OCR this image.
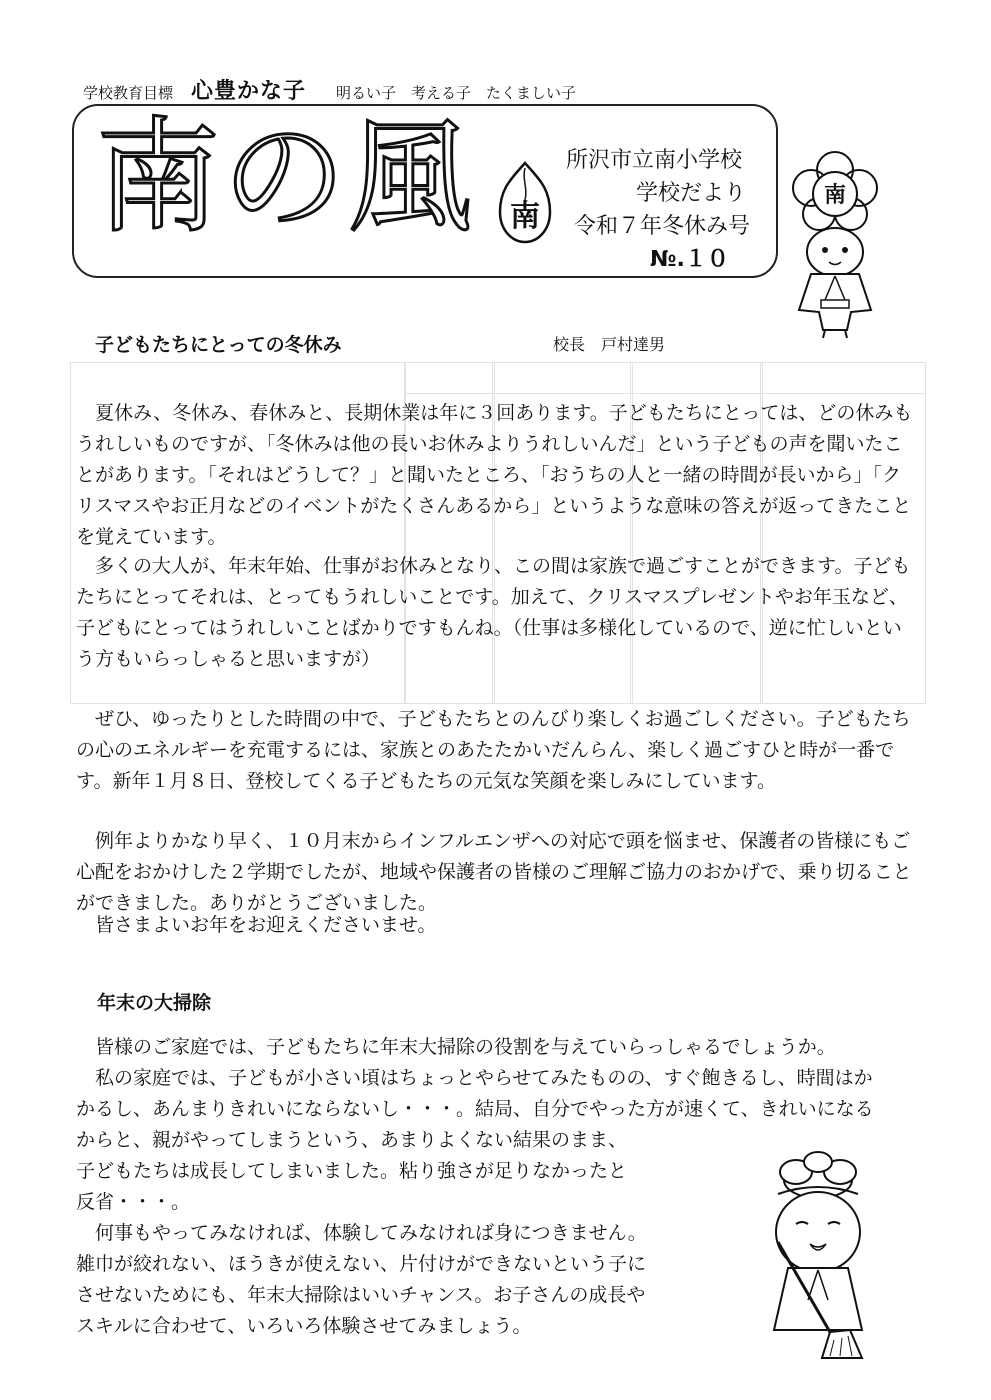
学校教育目標 心豊かな子 明るい子　考える子　たくましい子
南の風 南
所沢市立南小学校
学校だより
令和７年冬休み号
№.１０
南
子どもたちにとっての冬休み	校長 戸村達男

夏休み、冬休み、春休みと、長期休業は年に３回あります。子どもたちにとっては、どの休みもうれしいものですが、「冬休みは他の長いお休みよりうれしいんだ」という子どもの声を聞いたことがあります。「それはどうして？」と聞いたところ、「おうちの人と一緒の時間が長いから」「クリスマスやお正月などのイベントがたくさんあるから」というような意味の答えが返ってきたことを覚えています。

多くの大人が、年末年始、仕事がお休みとなり、この間は家族で過ごすことができます。子どもたちにとってそれは、とってもうれしいことです。加えて、クリスマスプレゼントやお年玉など、子どもにとってはうれしいことばかりですもんね。（仕事は多様化しているので、逆に忙しいという方もいらっしゃると思いますが）

ぜひ、ゆったりとした時間の中で、子どもたちとのんびり楽しくお過ごしください。子どもたちの心のエネルギーを充電するには、家族とのあたたかいだんらん、楽しく過ごすひと時が一番です。新年１月８日、登校してくる子どもたちの元気な笑顔を楽しみにしています。

例年よりかなり早く、１０月末からインフルエンザへの対応で頭を悩ませ、保護者の皆様にもご心配をおかけした２学期でしたが、地域や保護者の皆様のご理解ご協力のおかげで、乗り切ることができました。ありがとうございました。

皆さまよいお年をお迎えくださいませ。

年末の大掃除

皆様のご家庭では、子どもたちに年末大掃除の役割を与えていらっしゃるでしょうか。

私の家庭では、子どもが小さい頃はちょっとやらせてみたものの、すぐ飽きるし、時間はか

かるし、あんまりきれいにならないし・・・。結局、自分でやった方が速くて、きれいになる

からと、親がやってしまうという、あまりよくない結果のまま、

子どもたちは成長してしまいました。粘り強さが足りなかったと

反省・・・。

何事もやってみなければ、体験してみなければ身につきません。

雑巾が絞れない、ほうきが使えない、片付けができないという子に

させないためにも、年末大掃除はいいチャンス。お子さんの成長や

スキルに合わせて、いろいろ体験させてみましょう。
